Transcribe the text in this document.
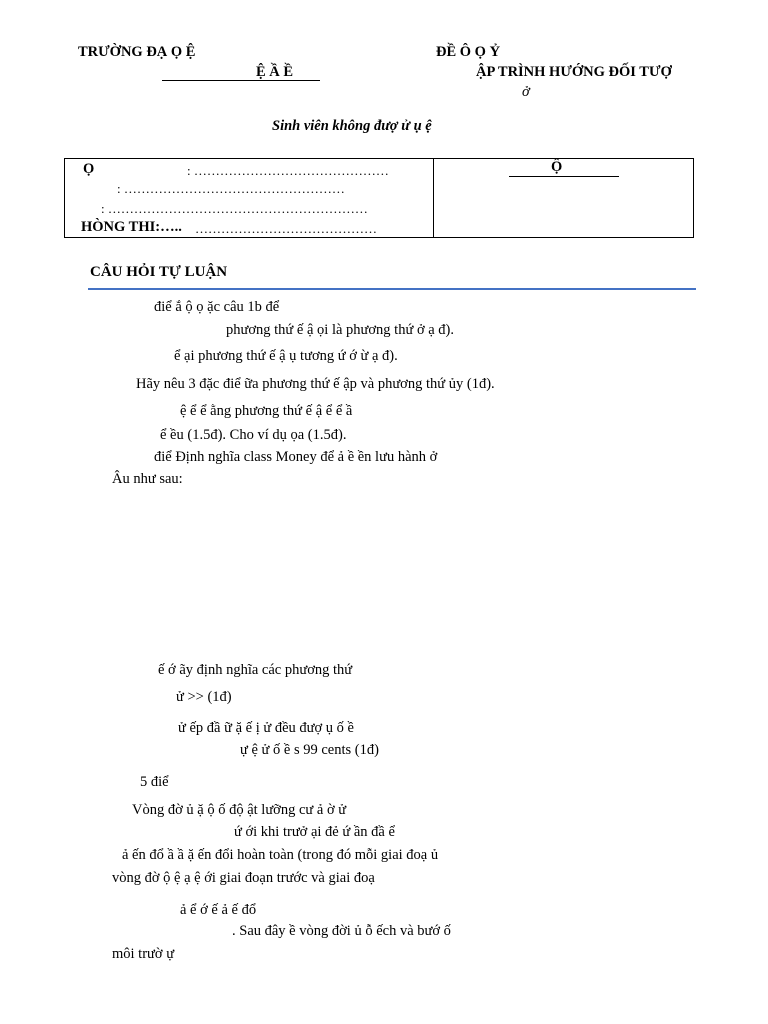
TRƯỜNG ĐẠ Ọ Ệ
Ệ Ầ Ề
ĐỀ Ô Ọ Ỷ
ẬP TRÌNH HƯỚNG ĐỐI TƯỢ
ở
Sinh viên không đượ ử ụ ệ
Ọ	: ………………………………………
: ……………………………………………
: ……………………………………………………
HÒNG THI:….. ……………………………………
Ộ
CÂU HỎI TỰ LUẬN
điể ắ ộ ọ ặc câu 1b để
phương thứ ế ậ ọi là phương thứ ở ạ đ).
ể ại phương thứ ế ậ ụ tương ứ ớ ừ ạ đ).
Hãy nêu 3 đặc điể ữa phương thứ ế ập và phương thứ ủy (1đ).
ệ ể ể ằng phương thứ ế ậ ể ể ầ
ể ều (1.5đ). Cho ví dụ ọa (1.5đ).
điể Định nghĩa class Money để ả ề ền lưu hành ở
Âu như sau:
ế ớ ãy định nghĩa các phương thứ
ử >> (1đ)
ử ếp đầ ữ ặ ế ị ử đều đượ ụ ố ề
ự ệ ử ố ề s 99 cents (1đ)
5 điể
Vòng đờ ủ ặ ộ ố độ ật lưỡng cư ả ờ ử
ứ ới khi trưở ại đẻ ứ ần đầ ể
ả ến đổ ầ ầ ặ ến đổi hoàn toàn (trong đó mỗi giai đoạ ủ
vòng đờ ộ ệ ạ ệ ới giai đoạn trước và giai đoạ
ả ể ớ ế ả ế đổ
. Sau đây ề vòng đời ủ ỗ ếch và bướ ố
môi trườ ự
